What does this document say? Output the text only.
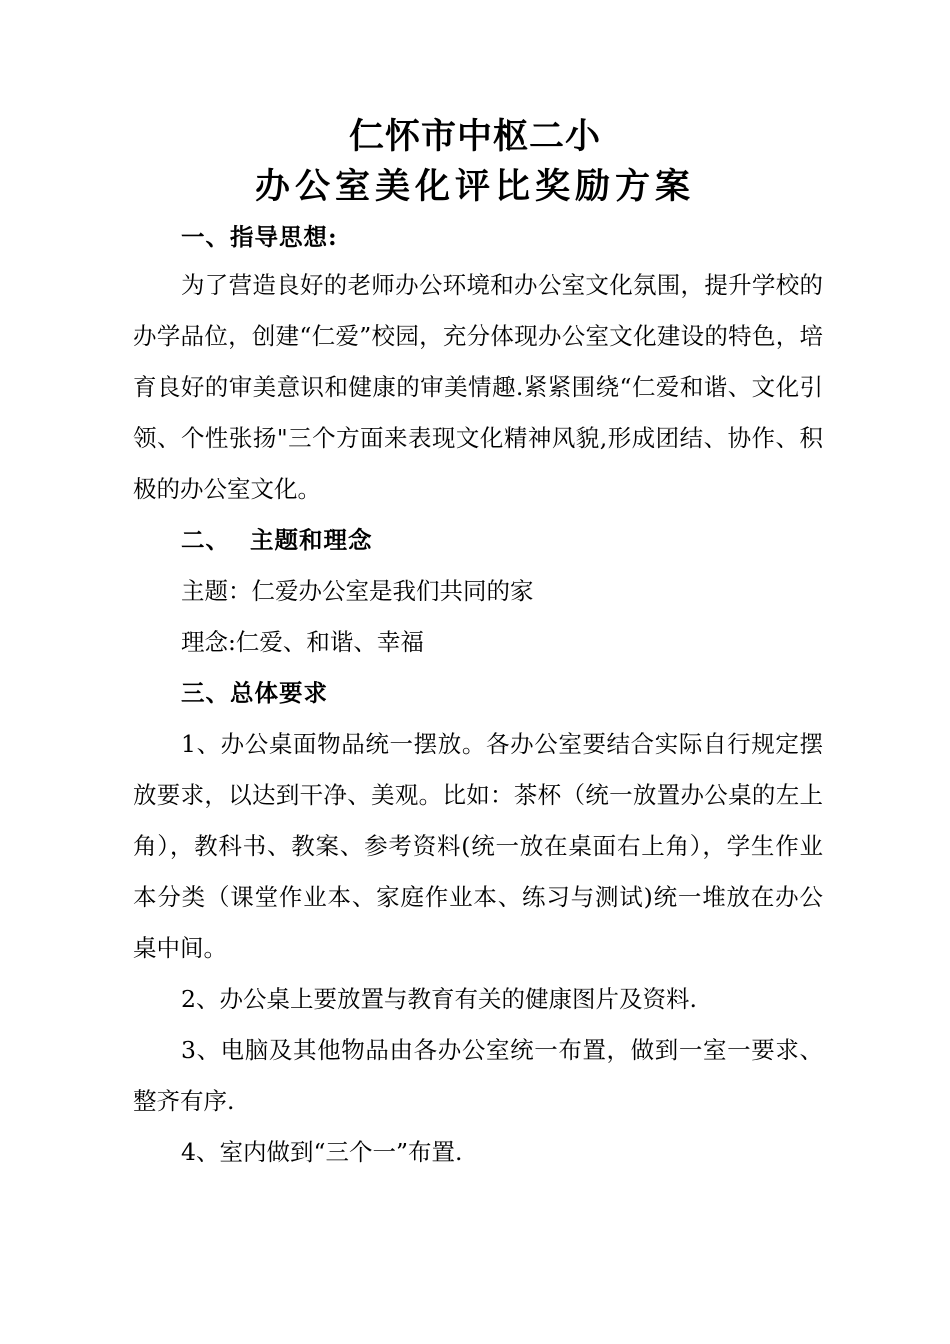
仁怀市中枢二小
办公室美化评比奖励方案

一、指导思想:

为了营造良好的老师办公环境和办公室文化氛围，提升学校的办学品位，创建“仁爱”校园，充分体现办公室文化建设的特色，培育良好的审美意识和健康的审美情趣.紧紧围绕“仁爱和谐、文化引领、个性张扬"三个方面来表现文化精神风貌,形成团结、协作、积极的办公室文化。

二、 主题和理念

主题：仁爱办公室是我们共同的家

理念:仁爱、和谐、幸福

三、总体要求

1、办公桌面物品统一摆放。各办公室要结合实际自行规定摆放要求，以达到干净、美观。比如：茶杯（统一放置办公桌的左上角），教科书、教案、参考资料(统一放在桌面右上角），学生作业本分类（课堂作业本、家庭作业本、练习与测试)统一堆放在办公桌中间。

2、办公桌上要放置与教育有关的健康图片及资料.

3、电脑及其他物品由各办公室统一布置，做到一室一要求、整齐有序.

4、室内做到“三个一”布置.
